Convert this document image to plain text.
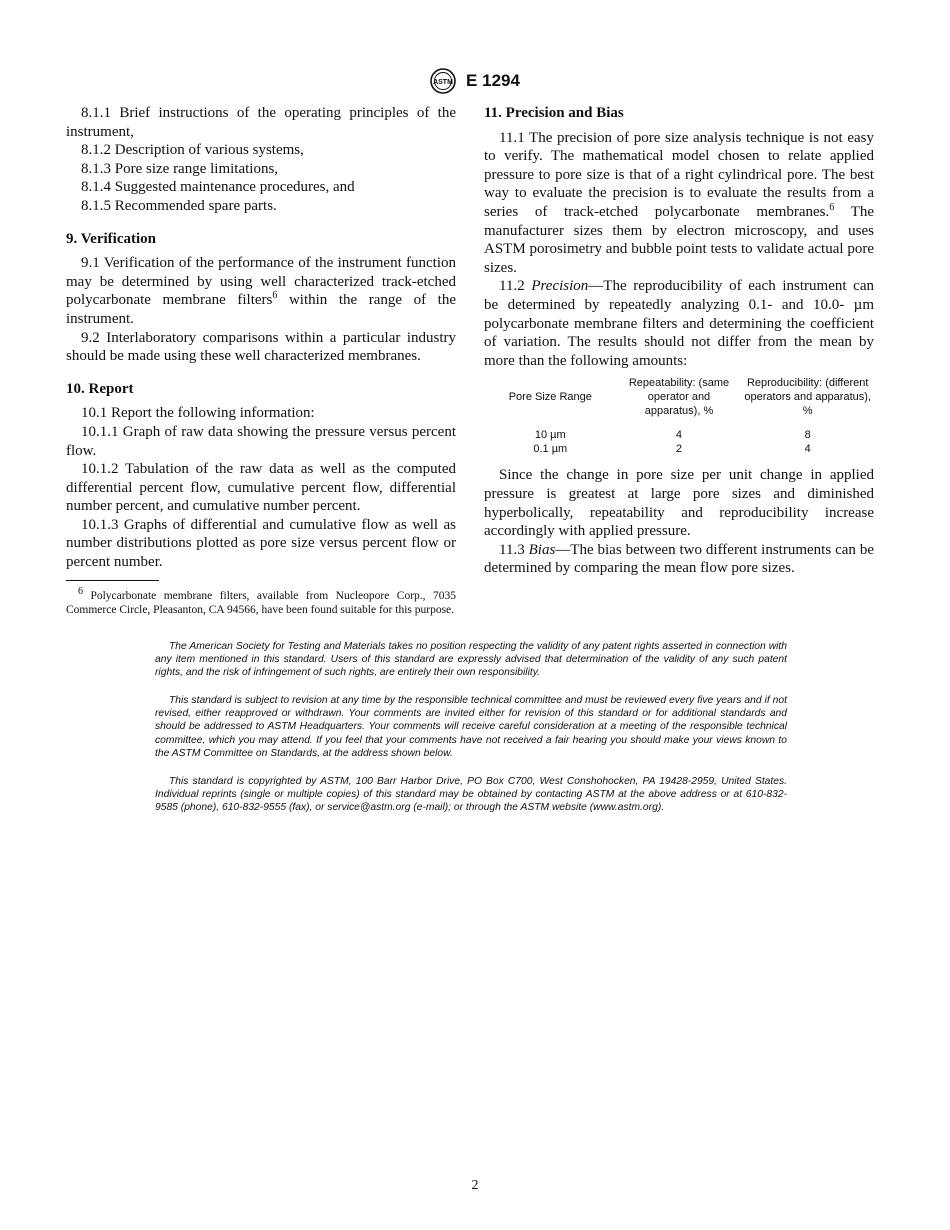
ASTM E 1294

8.1.1 Brief instructions of the operating principles of the instrument,

8.1.2 Description of various systems,

8.1.3 Pore size range limitations,

8.1.4 Suggested maintenance procedures, and

8.1.5 Recommended spare parts.

9. Verification

9.1 Verification of the performance of the instrument function may be determined by using well characterized track-etched polycarbonate membrane filters$^6$ within the range of the instrument.

9.2 Interlaboratory comparisons within a particular industry should be made using these well characterized membranes.

10. Report

10.1 Report the following information:

10.1.1 Graph of raw data showing the pressure versus percent flow.

10.1.2 Tabulation of the raw data as well as the computed differential percent flow, cumulative percent flow, differential number percent, and cumulative number percent.

10.1.3 Graphs of differential and cumulative flow as well as number distributions plotted as pore size versus percent flow or percent number.

$^6$ Polycarbonate membrane filters, available from Nucleopore Corp., 7035 Commerce Circle, Pleasanton, CA 94566, have been found suitable for this purpose.

11. Precision and Bias

11.1 The precision of pore size analysis technique is not easy to verify. The mathematical model chosen to relate applied pressure to pore size is that of a right cylindrical pore. The best way to evaluate the precision is to evaluate the results from a series of track-etched polycarbonate membranes.$^6$ The manufacturer sizes them by electron microscopy, and uses ASTM porosimetry and bubble point tests to validate actual pore sizes.

11.2 Precision—The reproducibility of each instrument can be determined by repeatedly analyzing 0.1- and 10.0- µm polycarbonate membrane filters and determining the coefficient of variation. The results should not differ from the mean by more than the following amounts:

Pore Size Range	Repeatability: (same operator and apparatus), %	Reproducibility: (different operators and apparatus), %
10 µm	4	8
0.1 µm	2	4

Since the change in pore size per unit change in applied pressure is greatest at large pore sizes and diminished hyperbolically, repeatability and reproducibility increase accordingly with applied pressure.

11.3 Bias—The bias between two different instruments can be determined by comparing the mean flow pore sizes.

The American Society for Testing and Materials takes no position respecting the validity of any patent rights asserted in connection with any item mentioned in this standard. Users of this standard are expressly advised that determination of the validity of any such patent rights, and the risk of infringement of such rights, are entirely their own responsibility.

This standard is subject to revision at any time by the responsible technical committee and must be reviewed every five years and if not revised, either reapproved or withdrawn. Your comments are invited either for revision of this standard or for additional standards and should be addressed to ASTM Headquarters. Your comments will receive careful consideration at a meeting of the responsible technical committee, which you may attend. If you feel that your comments have not received a fair hearing you should make your views known to the ASTM Committee on Standards, at the address shown below.

This standard is copyrighted by ASTM, 100 Barr Harbor Drive, PO Box C700, West Conshohocken, PA 19428-2959, United States. Individual reprints (single or multiple copies) of this standard may be obtained by contacting ASTM at the above address or at 610-832-9585 (phone), 610-832-9555 (fax), or service@astm.org (e-mail); or through the ASTM website (www.astm.org).

2
